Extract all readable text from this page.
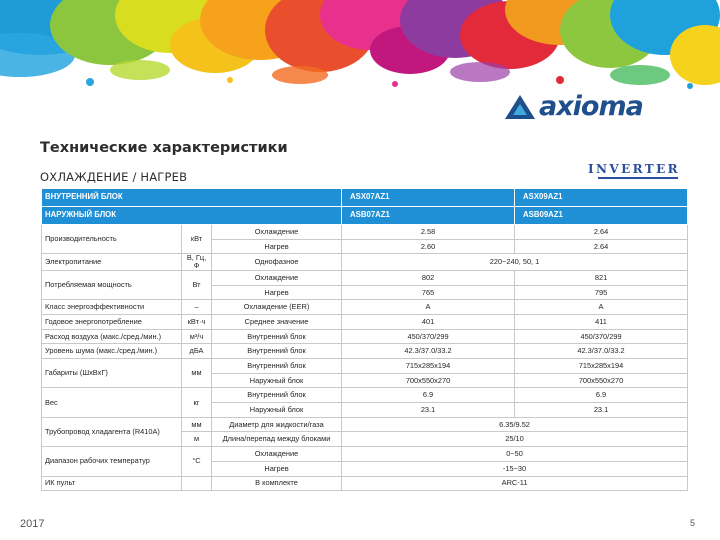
axioma
Технические характеристики
ОХЛАЖДЕНИЕ / НАГРЕВ
INVERTER
ВНУТРЕННИЙ БЛОК			ASX07AZ1	ASX09AZ1
НАРУЖНЫЙ БЛОК			ASB07AZ1	ASB09AZ1
Производительность	кВт	Охлаждение	2.58	2.64
		Нагрев	2.60	2.64
Электропитание	В, Гц, Ф	Однофазное	220~240, 50, 1	
Потребляемая мощность	Вт	Охлаждение	802	821
		Нагрев	765	795
Класс энергоэффективности	–	Охлаждение (EER)	A	A
Годовое энергопотребление	кВт·ч	Среднее значение	401	411
Расход воздуха (макс./сред./мин.)	м³/ч	Внутренний блок	450/370/299	450/370/299
Уровень шума (макс./сред./мин.)	дБА	Внутренний блок	42.3/37.0/33.2	42.3/37.0/33.2
Габариты (ШхВхГ)	мм	Внутренний блок	715x285x194	715x285x194
		Наружный блок	700x550x270	700x550x270
Вес	кг	Внутренний блок	6.9	6.9
		Наружный блок	23.1	23.1
Трубопровод хладагента (R410A)	мм	Диаметр для жидкости/газа	6.35/9.52	
	м	Длина/перепад между блоками	25/10	
Диапазон рабочих температур	°C	Охлаждение	0~50	
		Нагрев	-15~30	
ИК пульт		В комплекте	ARC-11	
2017	5
